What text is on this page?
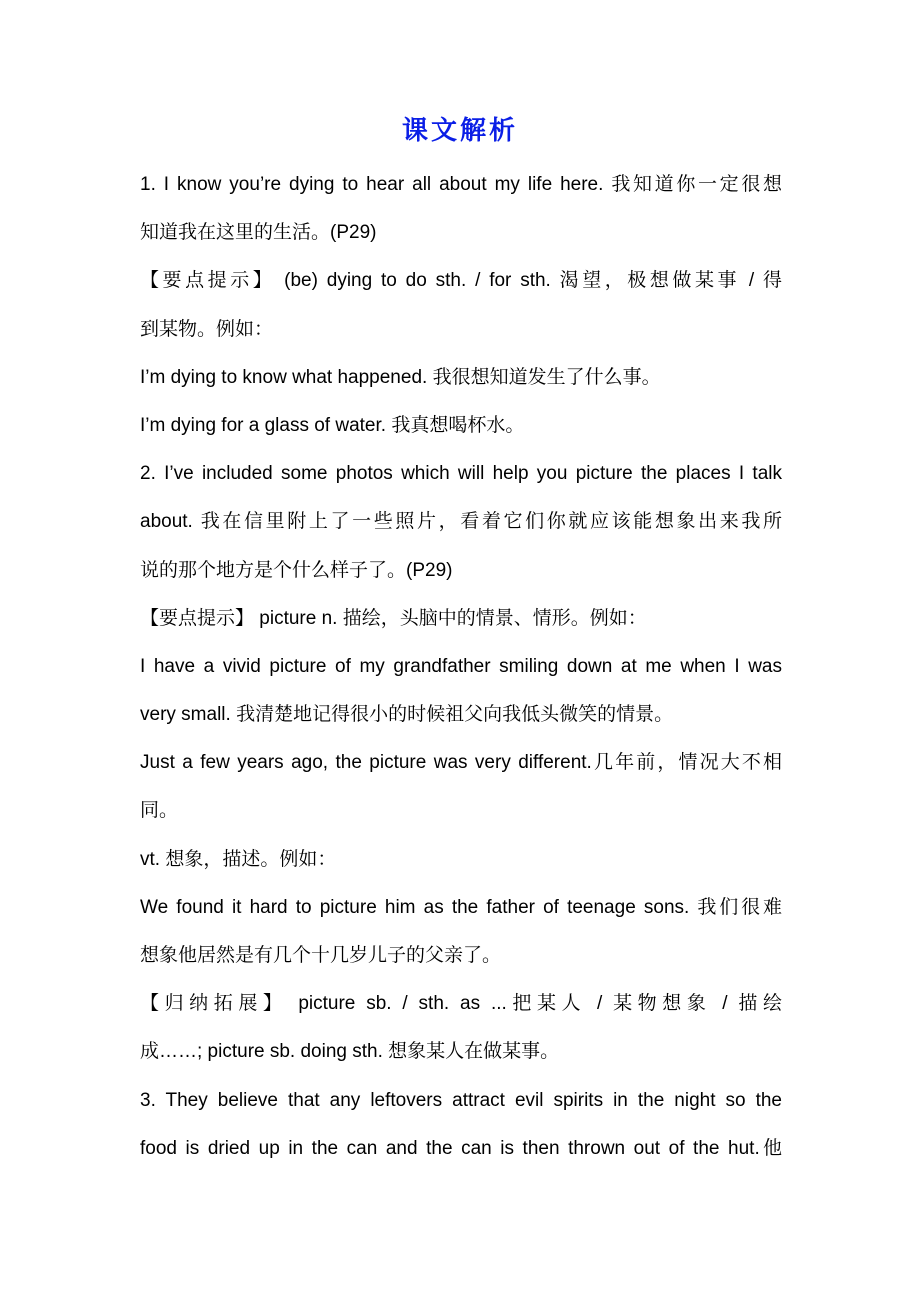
课文解析
1. I know you’re dying to hear all about my life here. 我知道你一定很想
知道我在这里的生活。(P29)
【要点提示】 (be) dying to do sth. / for sth. 渴望，极想做某事 / 得
到某物。例如：
I’m dying to know what happened. 我很想知道发生了什么事。
I’m dying for a glass of water. 我真想喝杯水。
2. I’ve included some photos which will help you picture the places I talk
about. 我在信里附上了一些照片，看着它们你就应该能想象出来我所
说的那个地方是个什么样子了。(P29)
【要点提示】 picture n. 描绘，头脑中的情景、情形。例如：
I have a vivid picture of my grandfather smiling down at me when I was
very small. 我清楚地记得很小的时候祖父向我低头微笑的情景。
Just a few years ago, the picture was very different.几年前，情况大不相
同。
vt. 想象，描述。例如：
We found it hard to picture him as the father of teenage sons. 我们很难
想象他居然是有几个十几岁儿子的父亲了。
【归纳拓展】 picture sb. / sth. as ...把某人 / 某物想象 / 描绘
成……; picture sb. doing sth. 想象某人在做某事。
3. They believe that any leftovers attract evil spirits in the night so the
food is dried up in the can and the can is then thrown out of the hut.他
